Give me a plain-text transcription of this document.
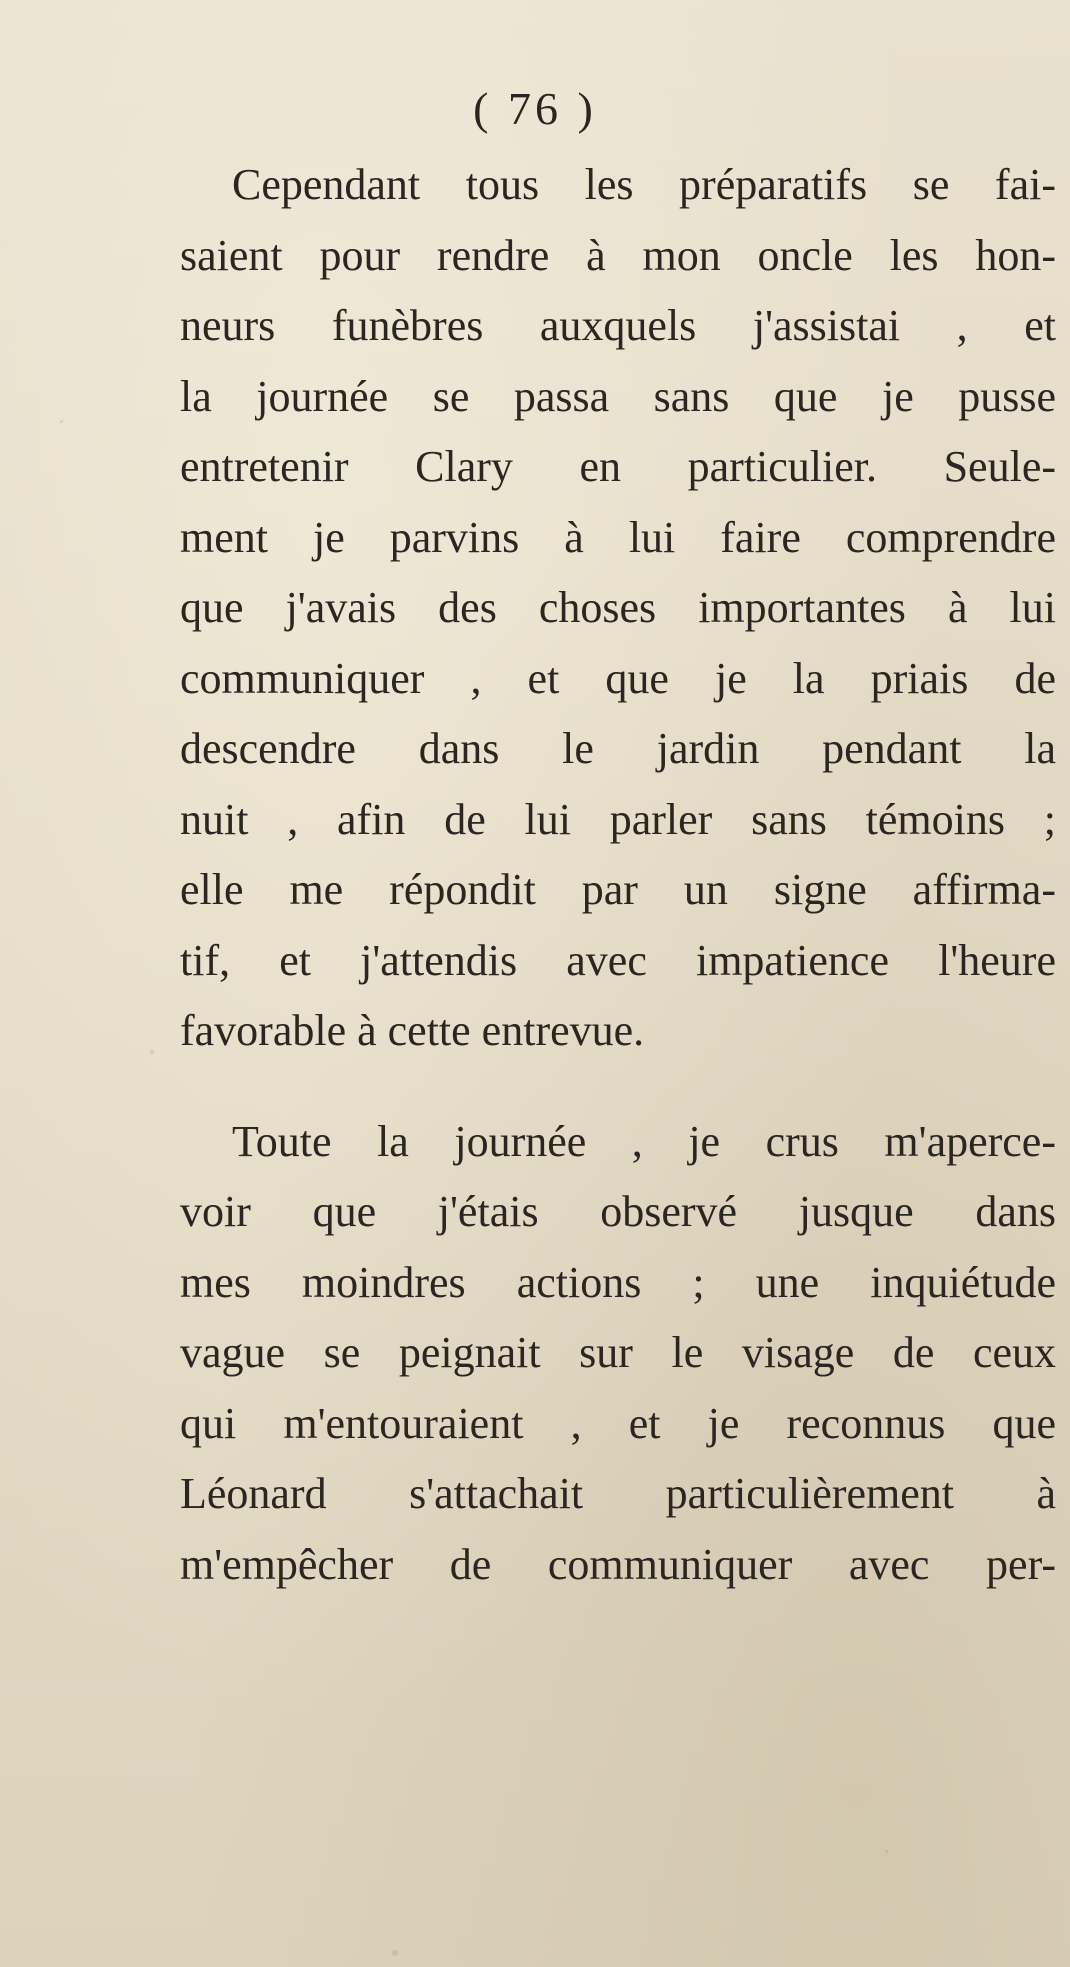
( 76 )
Cependant tous les préparatifs se fai-
saient pour rendre à mon oncle les hon-
neurs funèbres auxquels j'assistai , et
la journée se passa sans que je pusse
entretenir Clary en particulier. Seule-
ment je parvins à lui faire comprendre
que j'avais des choses importantes à lui
communiquer , et que je la priais de
descendre dans le jardin pendant la
nuit , afin de lui parler sans témoins ;
elle me répondit par un signe affirma-
tif, et j'attendis avec impatience l'heure
favorable à cette entrevue.
Toute la journée , je crus m'aperce-
voir que j'étais observé jusque dans
mes moindres actions ; une inquiétude
vague se peignait sur le visage de ceux
qui m'entouraient , et je reconnus que
Léonard s'attachait particulièrement à
m'empêcher de communiquer avec per-
